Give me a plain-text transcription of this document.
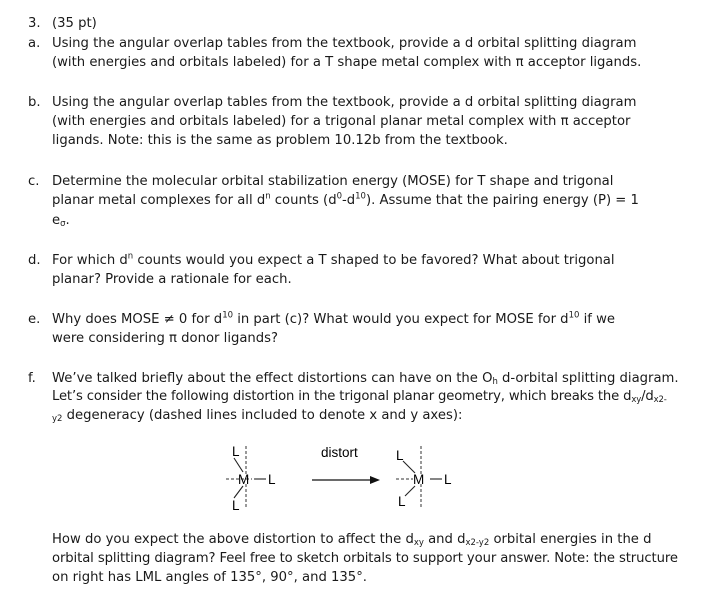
3. (35 pt)
a. Using the angular overlap tables from the textbook, provide a d orbital splitting diagram
(with energies and orbitals labeled) for a T shape metal complex with π acceptor ligands.
b. Using the angular overlap tables from the textbook, provide a d orbital splitting diagram
(with energies and orbitals labeled) for a trigonal planar metal complex with π acceptor
ligands. Note: this is the same as problem 10.12b from the textbook.
c. Determine the molecular orbital stabilization energy (MOSE) for T shape and trigonal
planar metal complexes for all $d^n$ counts $(d^0-d^{10})$. Assume that the pairing energy (P) = 1
$e_\sigma$.
d. For which $d^n$ counts would you expect a T shaped to be favored? What about trigonal
planar? Provide a rationale for each.
e. Why does MOSE ≠ 0 for $d^{10}$ in part (c)? What would you expect for MOSE for $d^{10}$ if we
were considering π donor ligands?
f. We’ve talked briefly about the effect distortions can have on the $O_h$ d-orbital splitting diagram.
Let’s consider the following distortion in the trigonal planar geometry, which breaks the $d_{xy}/d_{x2-}$
$_{y2}$ degeneracy (dashed lines included to denote x and y axes):
M
L
L
L
distort
M
L
L
L
How do you expect the above distortion to affect the $d_{xy}$ and $d_{x2-y2}$ orbital energies in the d
orbital splitting diagram? Feel free to sketch orbitals to support your answer. Note: the structure
on right has LML angles of 135°, 90°, and 135°.
